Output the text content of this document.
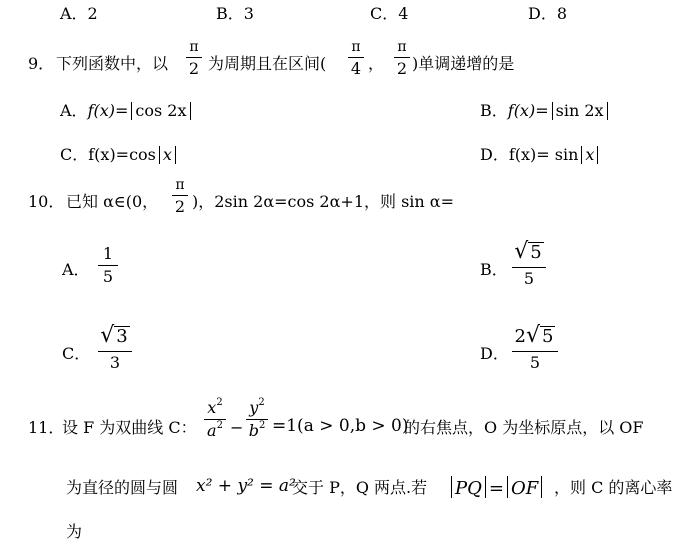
A．2	B．3	C．4	D．8
9． 下列函数中，以
π
2 为周期且在区间(
π
4 ，
π
2 )单调递增的是
A．f(x)= cos 2x	B．f(x)= sin 2x
C．f(x)=cos x	D．f(x)= sin x
10． 已知 α∈(0，
π
2 )，2sin 2α=cos 2α+1，则 sin α=
A．
1
5	B．
√ 5
5
C．
√ 3
3	D．
2 √ 5
5
11．
设 F 为双曲线 C：
$x^2$
$a^2$ −
$y^2$
$b^2 =1(a > 0,b > 0)$
的右焦点，O 为坐标原点，以 OF
为直径的圆与圆 x² + y² = a²
交于 P，Q 两点.若	PQ = OF ，则 C 的离心率
为
